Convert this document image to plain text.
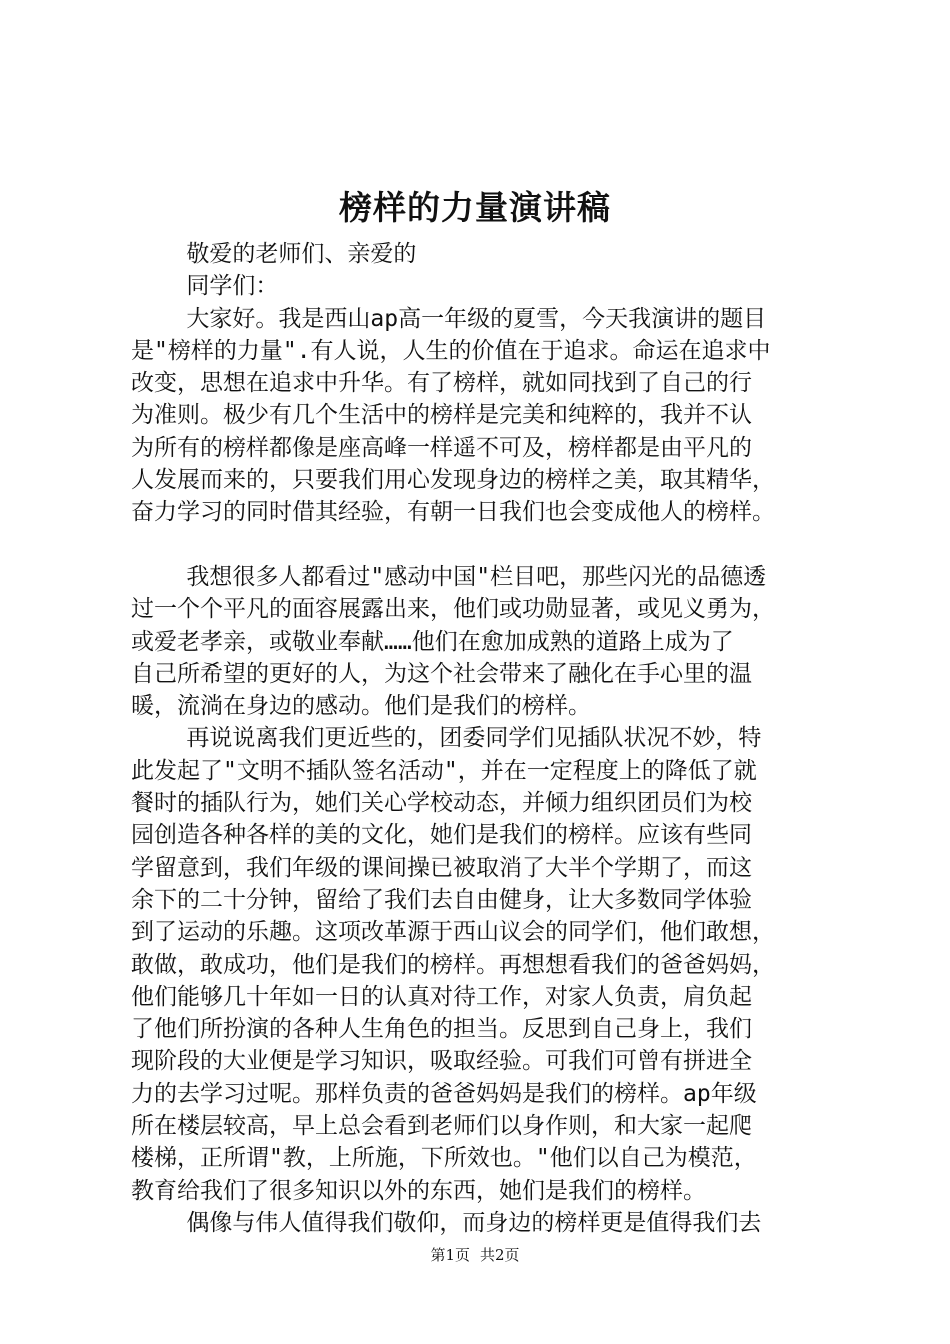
榜样的力量演讲稿
敬爱的老师们、亲爱的
同学们：
大家好。我是西山ap高一年级的夏雪，今天我演讲的题目
是"榜样的力量".有人说，人生的价值在于追求。命运在追求中
改变，思想在追求中升华。有了榜样，就如同找到了自己的行
为准则。极少有几个生活中的榜样是完美和纯粹的，我并不认
为所有的榜样都像是座高峰一样遥不可及，榜样都是由平凡的
人发展而来的，只要我们用心发现身边的榜样之美，取其精华，
奋力学习的同时借其经验，有朝一日我们也会变成他人的榜样。
我想很多人都看过"感动中国"栏目吧，那些闪光的品德透
过一个个平凡的面容展露出来，他们或功勋显著，或见义勇为，
或爱老孝亲，或敬业奉献……他们在愈加成熟的道路上成为了
自己所希望的更好的人，为这个社会带来了融化在手心里的温
暖，流淌在身边的感动。他们是我们的榜样。
再说说离我们更近些的，团委同学们见插队状况不妙，特
此发起了"文明不插队签名活动"，并在一定程度上的降低了就
餐时的插队行为，她们关心学校动态，并倾力组织团员们为校
园创造各种各样的美的文化，她们是我们的榜样。应该有些同
学留意到，我们年级的课间操已被取消了大半个学期了，而这
余下的二十分钟，留给了我们去自由健身，让大多数同学体验
到了运动的乐趣。这项改革源于西山议会的同学们，他们敢想，
敢做，敢成功，他们是我们的榜样。再想想看我们的爸爸妈妈，
他们能够几十年如一日的认真对待工作，对家人负责，肩负起
了他们所扮演的各种人生角色的担当。反思到自己身上，我们
现阶段的大业便是学习知识，吸取经验。可我们可曾有拼进全
力的去学习过呢。那样负责的爸爸妈妈是我们的榜样。ap年级
所在楼层较高，早上总会看到老师们以身作则，和大家一起爬
楼梯，正所谓"教，上所施，下所效也。"他们以自己为模范，
教育给我们了很多知识以外的东西，她们是我们的榜样。
偶像与伟人值得我们敬仰，而身边的榜样更是值得我们去
第1页 共2页
